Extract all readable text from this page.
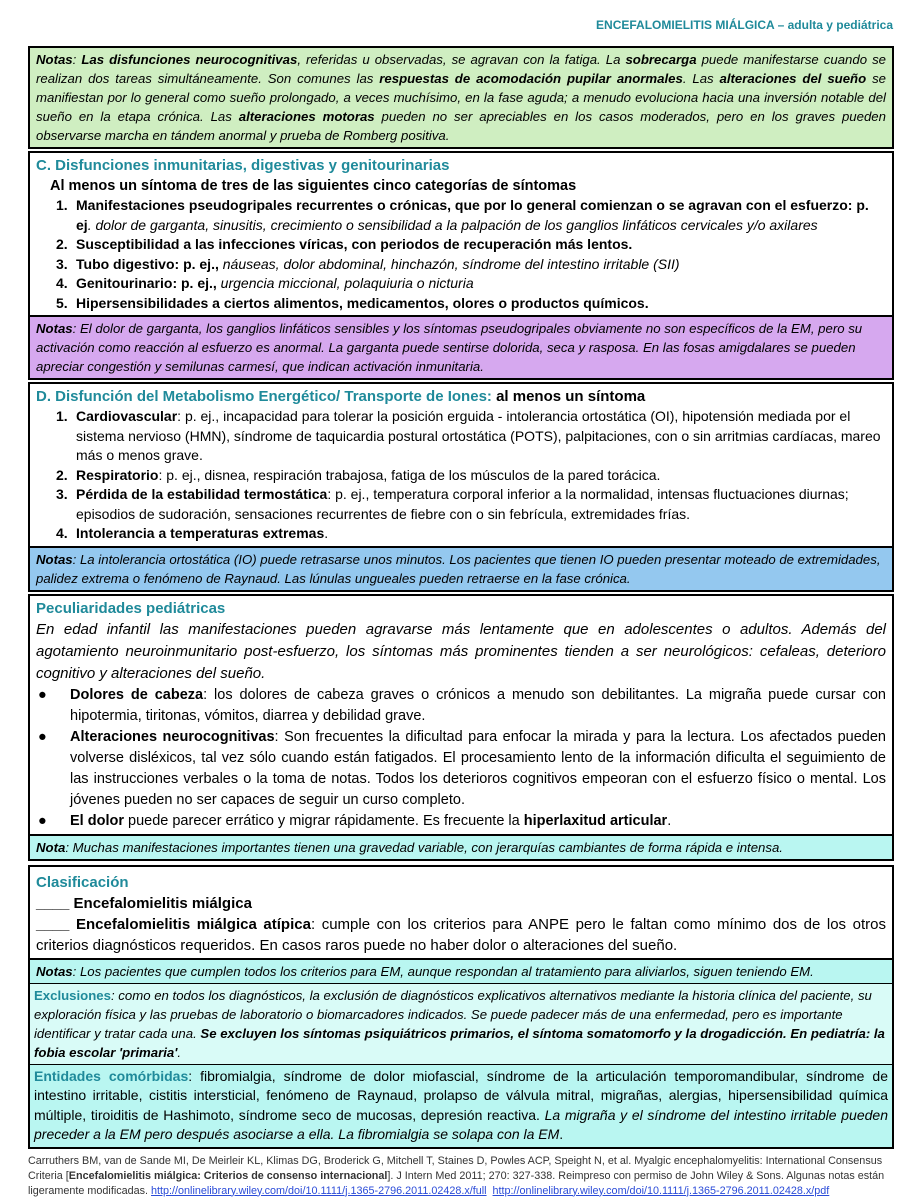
ENCEFALOMIELITIS MIÁLGICA – adulta y pediátrica
Notas: Las disfunciones neurocognitivas, referidas u observadas, se agravan con la fatiga. La sobrecarga puede manifestarse cuando se realizan dos tareas simultáneamente. Son comunes las respuestas de acomodación pupilar anormales. Las alteraciones del sueño se manifiestan por lo general como sueño prolongado, a veces muchísimo, en la fase aguda; a menudo evoluciona hacia una inversión notable del sueño en la etapa crónica. Las alteraciones motoras pueden no ser apreciables en los casos moderados, pero en los graves pueden observarse marcha en tándem anormal y prueba de Romberg positiva.
C. Disfunciones inmunitarias, digestivas y genitourinarias
Al menos un síntoma de tres de las siguientes cinco categorías de síntomas
1. Manifestaciones pseudogripales recurrentes o crónicas, que por lo general comienzan o se agravan con el esfuerzo: p. ej. dolor de garganta, sinusitis, crecimiento o sensibilidad a la palpación de los ganglios linfáticos cervicales y/o axilares
2. Susceptibilidad a las infecciones víricas, con periodos de recuperación más lentos.
3. Tubo digestivo: p. ej., náuseas, dolor abdominal, hinchazón, síndrome del intestino irritable (SII)
4. Genitourinario: p. ej., urgencia miccional, polaquiuria o nicturia
5. Hipersensibilidades a ciertos alimentos, medicamentos, olores o productos químicos.
Notas: El dolor de garganta, los ganglios linfáticos sensibles y los síntomas pseudogripales obviamente no son específicos de la EM, pero su activación como reacción al esfuerzo es anormal. La garganta puede sentirse dolorida, seca y rasposa. En las fosas amigdalares se pueden apreciar congestión y semilunas carmesí, que indican activación inmunitaria.
D. Disfunción del Metabolismo Energético/ Transporte de Iones: al menos un síntoma
1. Cardiovascular: p. ej., incapacidad para tolerar la posición erguida - intolerancia ortostática (OI), hipotensión mediada por el sistema nervioso (HMN), síndrome de taquicardia postural ortostática (POTS), palpitaciones, con o sin arritmias cardíacas, mareo más o menos grave.
2. Respiratorio: p. ej., disnea, respiración trabajosa, fatiga de los músculos de la pared torácica.
3. Pérdida de la estabilidad termostática: p. ej., temperatura corporal inferior a la normalidad, intensas fluctuaciones diurnas; episodios de sudoración, sensaciones recurrentes de fiebre con o sin febrícula, extremidades frías.
4. Intolerancia a temperaturas extremas.
Notas: La intolerancia ortostática (IO) puede retrasarse unos minutos. Los pacientes que tienen IO pueden presentar moteado de extremidades, palidez extrema o fenómeno de Raynaud. Las lúnulas ungueales pueden retraerse en la fase crónica.
Peculiaridades pediátricas
En edad infantil las manifestaciones pueden agravarse más lentamente que en adolescentes o adultos. Además del agotamiento neuroinmunitario post-esfuerzo, los síntomas más prominentes tienden a ser neurológicos: cefaleas, deterioro cognitivo y alteraciones del sueño.
●	Dolores de cabeza: los dolores de cabeza graves o crónicos a menudo son debilitantes. La migraña puede cursar con hipotermia, tiritonas, vómitos, diarrea y debilidad grave.
●	Alteraciones neurocognitivas: Son frecuentes la dificultad para enfocar la mirada y para la lectura. Los afectados pueden volverse disléxicos, tal vez sólo cuando están fatigados. El procesamiento lento de la información dificulta el seguimiento de las instrucciones verbales o la toma de notas. Todos los deterioros cognitivos empeoran con el esfuerzo físico o mental. Los jóvenes pueden no ser capaces de seguir un curso completo.
●	El dolor puede parecer errático y migrar rápidamente. Es frecuente la hiperlaxitud articular.
Nota: Muchas manifestaciones importantes tienen una gravedad variable, con jerarquías cambiantes de forma rápida e intensa.
Clasificación
____ Encefalomielitis miálgica
____ Encefalomielitis miálgica atípica: cumple con los criterios para ANPE pero le faltan como mínimo dos de los otros criterios diagnósticos requeridos. En casos raros puede no haber dolor o alteraciones del sueño.
Notas: Los pacientes que cumplen todos los criterios para EM, aunque respondan al tratamiento para aliviarlos, siguen teniendo EM.
Exclusiones: como en todos los diagnósticos, la exclusión de diagnósticos explicativos alternativos mediante la historia clínica del paciente, su exploración física y las pruebas de laboratorio o biomarcadores indicados. Se puede padecer más de una enfermedad, pero es importante identificar y tratar cada una. Se excluyen los síntomas psiquiátricos primarios, el síntoma somatomorfo y la drogadicción. En pediatría: la fobia escolar 'primaria'.
Entidades comórbidas: fibromialgia, síndrome de dolor miofascial, síndrome de la articulación temporomandibular, síndrome de intestino irritable, cistitis intersticial, fenómeno de Raynaud, prolapso de válvula mitral, migrañas, alergias, hipersensibilidad química múltiple, tiroiditis de Hashimoto, síndrome seco de mucosas, depresión reactiva. La migraña y el síndrome del intestino irritable pueden preceder a la EM pero después asociarse a ella. La fibromialgia se solapa con la EM.
Carruthers BM, van de Sande MI, De Meirleir KL, Klimas DG, Broderick G, Mitchell T, Staines D, Powles ACP, Speight N, et al. Myalgic encephalomyelitis: International Consensus Criteria [Encefalomielitis miálgica: Criterios de consenso internacional]. J Intern Med 2011; 270: 327-338. Reimpreso con permiso de John Wiley & Sons. Algunas notas están ligeramente modificadas. http://onlinelibrary.wiley.com/doi/10.1111/j.1365-2796.2011.02428.x/full http://onlinelibrary.wiley.com/doi/10.1111/j.1365-2796.2011.02428.x/pdf
